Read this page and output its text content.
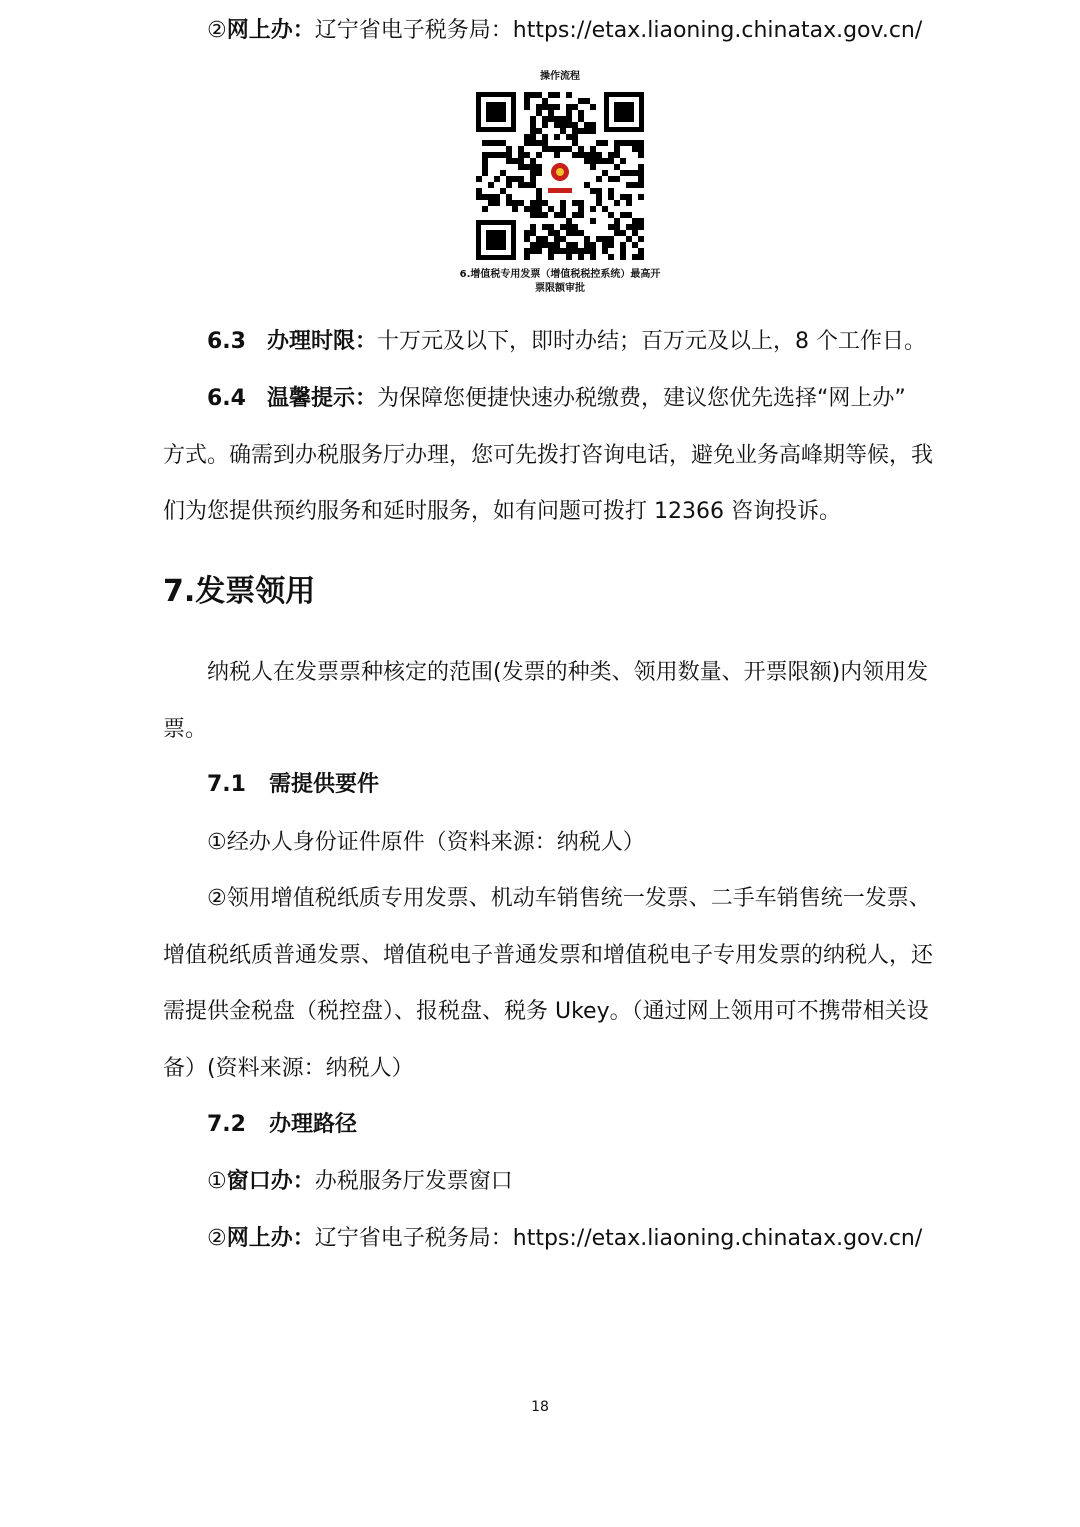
②网上办：辽宁省电子税务局：https://etax.liaoning.chinatax.gov.cn/
操作流程
6.增值税专用发票（增值税税控系统）最高开
票限额审批
6.3 办理时限：十万元及以下，即时办结；百万元及以上，8 个工作日。
6.4 温馨提示：为保障您便捷快速办税缴费，建议您优先选择“网上办”
方式。确需到办税服务厅办理，您可先拨打咨询电话，避免业务高峰期等候，我
们为您提供预约服务和延时服务，如有问题可拨打 12366 咨询投诉。
7.发票领用
纳税人在发票票种核定的范围(发票的种类、领用数量、开票限额)内领用发
票。
7.1 需提供要件
①经办人身份证件原件（资料来源：纳税人）
②领用增值税纸质专用发票、机动车销售统一发票、二手车销售统一发票、
增值税纸质普通发票、增值税电子普通发票和增值税电子专用发票的纳税人，还
需提供金税盘（税控盘）、报税盘、税务 Ukey。（通过网上领用可不携带相关设
备）(资料来源：纳税人）
7.2 办理路径
①窗口办：办税服务厅发票窗口
②网上办：辽宁省电子税务局：https://etax.liaoning.chinatax.gov.cn/
18
